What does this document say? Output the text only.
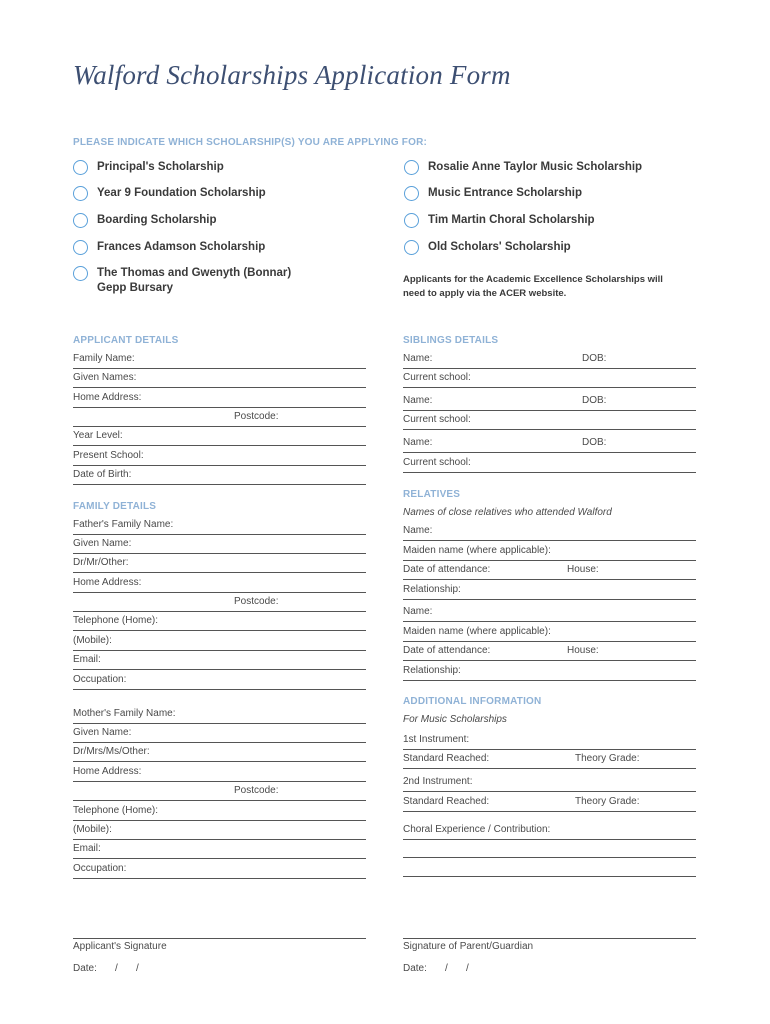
Walford Scholarships Application Form
PLEASE INDICATE WHICH SCHOLARSHIP(S) YOU ARE APPLYING FOR:
Principal's Scholarship
Year 9 Foundation Scholarship
Boarding Scholarship
Frances Adamson Scholarship
The Thomas and Gwenyth (Bonnar)
Gepp Bursary
Rosalie Anne Taylor Music Scholarship
Music Entrance Scholarship
Tim Martin Choral Scholarship
Old Scholars' Scholarship
Applicants for the Academic Excellence Scholarships will
need to apply via the ACER website.
APPLICANT DETAILS
Family Name:
Given Names:
Home Address:
Postcode:
Year Level:
Present School:
Date of Birth:
FAMILY DETAILS
Father's Family Name:
Given Name:
Dr/Mr/Other:
Home Address:
Postcode:
Telephone (Home):
(Mobile):
Email:
Occupation:
Mother's Family Name:
Given Name:
Dr/Mrs/Ms/Other:
Home Address:
Postcode:
Telephone (Home):
(Mobile):
Email:
Occupation:
SIBLINGS DETAILS
Name:	DOB:
Current school:
Name:	DOB:
Current school:
Name:	DOB:
Current school:
RELATIVES
Names of close relatives who attended Walford
Name:
Maiden name (where applicable):
Date of attendance:	House:
Relationship:
Name:
Maiden name (where applicable):
Date of attendance:	House:
Relationship:
ADDITIONAL INFORMATION
For Music Scholarships
1st Instrument:
Standard Reached:	Theory Grade:
2nd Instrument:
Standard Reached:	Theory Grade:
Choral Experience / Contribution:
Applicant's Signature
Date: / /
Signature of Parent/Guardian
Date: / /
